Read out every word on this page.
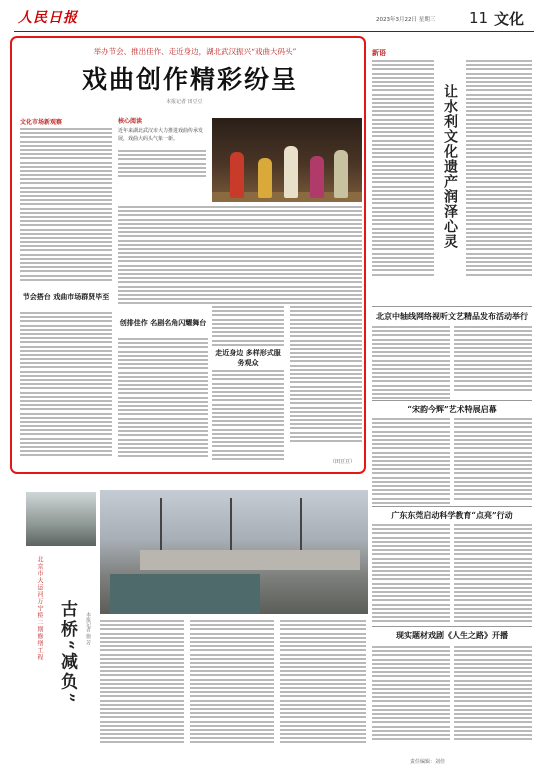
人民日报	2023年3月22日 星期三 11 文化
举办节会、推出佳作、走近身边，湖北武汉振兴“戏曲大码头”
戏曲创作精彩纷呈
本报记者 田豆豆
文化市场新观察	核心阅读
近年来湖北武汉市大力推进戏曲传承发展，戏曲大码头气象一新。
节会搭台 戏曲市场群贤毕至
创排佳作 名剧名角闪耀舞台
走近身边 多样形式服务观众
（田豆豆）
新语
让水利文化遗产润泽心灵
北京中轴线网络视听文艺精品发布活动举行
“宋韵今辉”艺术特展启幕
广东东莞启动科学教育“点亮”行动
现实题材戏剧《人生之路》开播
北京市大运河万宁桥二期修缮工程 古桥“减负”	本报记者 施 芳
责任编辑：刘佳
